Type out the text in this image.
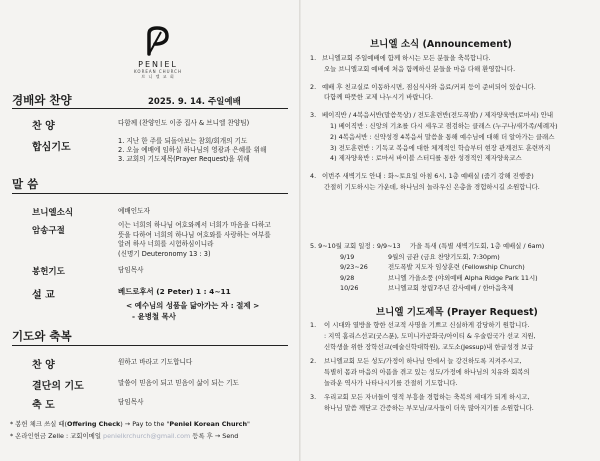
PENIEL
KOREAN CHURCH
브 니 엘 교 회
경배와 찬양	2025. 9. 14. 주일예배
찬 양	다함께 (찬양인도 이종 집사 & 브니엘 찬양팀)
합심기도
1. 지난 한 주를 되돌아보는 참회/회개의 기도
2. 오늘 예배에 임하실 하나님의 영광과 은혜를 위해
3. 교회의 기도제목(Prayer Request)을 위해
말 씀
브니엘소식	예배인도자
암송구절
이는 너희의 하나님 여호와께서 너희가 마음을 다하고
뜻을 다하여 너희의 하나님 여호와를 사랑하는 여부를
알려 하사 너희를 시험하심이니라
(신명기 Deuteronomy 13 : 3)
봉헌기도	담임목사
설 교	베드로후서 (2 Peter) 1 : 4~11
< 예수님의 성품을 닮아가는 자 : 절제 >
- 윤병철 목사
기도와 축복
찬 양	원하고 바라고 기도합니다
결단의 기도	말씀이 믿음이 되고 믿음이 삶이 되는 기도
축 도	담임목사
* 봉헌 체크 쓰실 때(Offering Check) → Pay to the "Peniel Korean Church"
* 온라인헌금 Zelle : 교회이메일 penielkrchurch@gmail.com 등록 후 → Send
브니엘 소식 (Announcement)
1. 브니엘교회 주일예배에 함께 하시는 모든 분들을 축복합니다.
오늘 브니엘교회 예배에 처음 함께하신 분들을 마음 다해 환영합니다.
2. 예배 후 친교실로 이동하시면, 점심식사와 음료/커피 등이 준비되어 있습니다.
다함께 따뜻한 교제 나누시기 바랍니다.
3. 베이직반 / 4복음서반(말씀묵상) / 전도훈련반(전도폭발) / 제자양육반(로마서) 안내
1) 베이직반 : 신앙의 기초를 다시 세우고 점검하는 클래스 (누구나/새가족/세례자)
2) 4복음서반 : 신약성경 4복음서 말씀을 통해 예수님에 대해 더 알아가는 클래스
3) 전도훈련반 : 기독교 복음에 대한 체계적인 학습부터 현장 관계전도 훈련까지
4) 제자양육반 : 로마서 바이블 스터디를 통한 성경적인 제자양육코스
4. 이번주 새벽기도 안내 : 화~토요일 아침 6시, 1층 예배실 (줌기 강해 진행중)
간절히 기도하시는 가운데, 하나님의 놀라우신 은총을 경험하시길 소원합니다.
5. 9~10월 교회 일정 : 9/9~13 가을 특새 (특별 새벽기도회, 1층 예배실 / 6am)
9/19	9월의 금관 (금요 찬양기도회, 7:30pm)
9/23~26	전도폭발 지도자 임상훈련 (Fellowship Church)
9/28	브니엘 가을소풍 (야외예배 Alpha Ridge Park 11시)
10/26	브니엘교회 창립7주년 감사예배 / 한마음축제
브니엘 기도제목 (Prayer Request)
1. 이 시대와 열방을 향한 선교적 사명을 기쁘고 신실하게 감당하기 원합니다.
: 지역 홈리스선교(굿스푼), 도미니카공화국/아이티 & 우술림국가 선교 지원,
신학생을 위한 장학선교(예술신학대학원), 교도소(Jessup)내 한글성경 보급
2. 브니엘교회 모든 성도/가정이 하나님 안에서 늘 강건하도록 지켜주시고,
특별히 몸과 마음의 아픔을 겪고 있는 성도/가정에 하나님의 치유와 회복의
놀라운 역사가 나타나시기를 간절히 기도합니다.
3. 우리교회 모든 자녀들이 영적 부흥을 경험하는 축복의 세대가 되게 하시고,
하나님 말씀 깨닫고 간증하는 부모님/교사들이 더욱 많아지기를 소원합니다.
